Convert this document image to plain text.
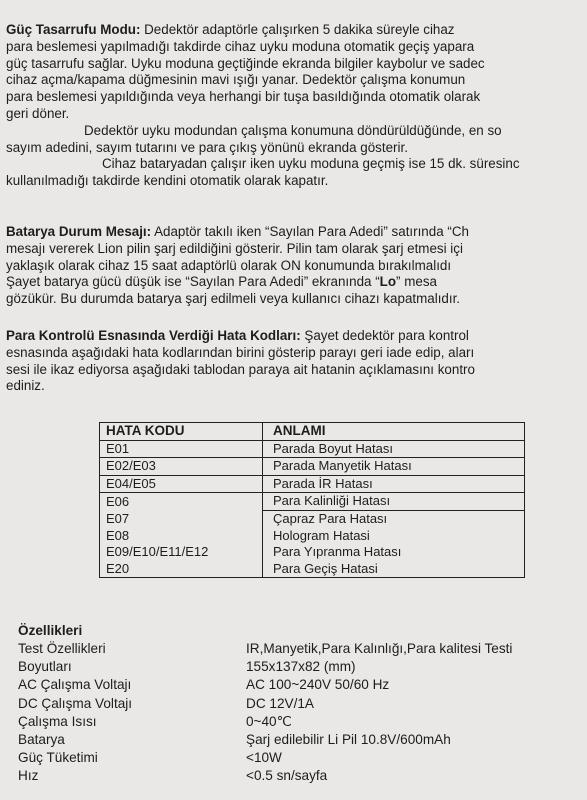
Güç Tasarrufu Modu: Dedektör adaptörle çalışırken 5 dakika süreyle cihaz
para beslemesi yapılmadığı takdirde cihaz uyku moduna otomatik geçiş yapara
güç tasarrufu sağlar. Uyku moduna geçtiğinde ekranda bilgiler kaybolur ve sadec
cihaz açma/kapama düğmesinin mavi ışığı yanar. Dedektör çalışma konumun
para beslemesi yapıldığında veya herhangi bir tuşa basıldığında otomatik olarak
geri döner.
Dedektör uyku modundan çalışma konumuna döndürüldüğünde, en so
sayım adedini, sayım tutarını ve para çıkış yönünü ekranda gösterir.
Cihaz bataryadan çalışır iken uyku moduna geçmiş ise 15 dk. süresinc
kullanılmadığı takdirde kendini otomatik olarak kapatır.
Batarya Durum Mesajı: Adaptör takılı iken “Sayılan Para Adedi” satırında “Ch
mesajı vererek Lion pilin şarj edildiğini gösterir. Pilin tam olarak şarj etmesi içi
yaklaşık olarak cihaz 15 saat adaptörlü olarak ON konumunda bırakılmalıdı
Şayet batarya gücü düşük ise “Sayılan Para Adedi” ekranında “Lo” mesa
gözükür. Bu durumda batarya şarj edilmeli veya kullanıcı cihazı kapatmalıdır.
Para Kontrolü Esnasında Verdiği Hata Kodları: Şayet dedektör para kontrol
esnasında aşağıdaki hata kodlarından birini gösterip parayı geri iade edip, aları
sesi ile ikaz ediyorsa aşağıdaki tablodan paraya ait hatanin açıklamasını kontro
ediniz.
HATA KODU	ANLAMI
E01	Parada Boyut Hatası
E02/E03	Parada Manyetik Hatası
E04/E05	Parada İR Hatası
E06	Para Kalinliği Hatası
E07	Çapraz Para Hatası
E08	Hologram Hatasi
E09/E10/E11/E12	Para Yıpranma Hatası
E20	Para Geçiş Hatasi
Özellikleri
Test Özellikleri	IR,Manyetik,Para Kalınlığı,Para kalitesi Testi
Boyutları	155x137x82 (mm)
AC Çalışma Voltajı	AC 100~240V 50/60 Hz
DC Çalışma Voltajı	DC 12V/1A
Çalışma Isısı	0~40℃
Batarya	Şarj edilebilir Li Pil 10.8V/600mAh
Güç Tüketimi	<10W
Hız	<0.5 sn/sayfa
